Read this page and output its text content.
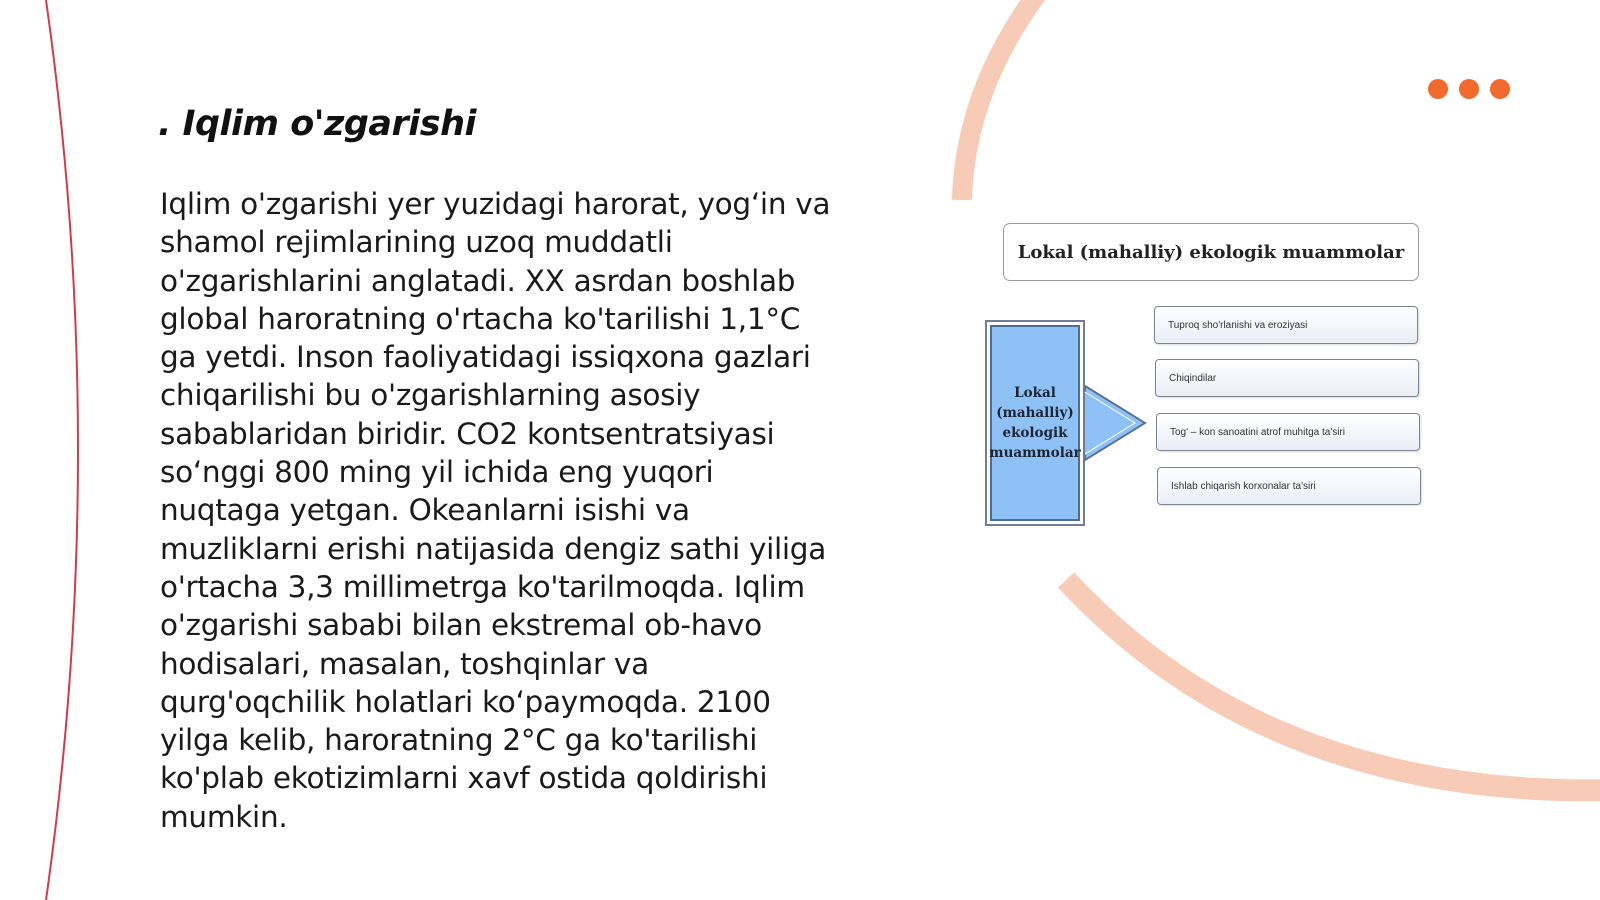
. Iqlim o'zgarishi

Iqlim o'zgarishi yer yuzidagi harorat, yog‘in va shamol rejimlarining uzoq muddatli o'zgarishlarini anglatadi. XX asrdan boshlab global haroratning o'rtacha ko'tarilishi 1,1°C ga yetdi. Inson faoliyatidagi issiqxona gazlari chiqarilishi bu o'zgarishlarning asosiy sabablaridan biridir. CO2 kontsentratsiyasi so‘nggi 800 ming yil ichida eng yuqori nuqtaga yetgan. Okeanlarni isishi va muzliklarni erishi natijasida dengiz sathi yiliga o'rtacha 3,3 millimetrga ko'tarilmoqda. Iqlim o'zgarishi sababi bilan ekstremal ob-havo hodisalari, masalan, toshqinlar va qurg'oqchilik holatlari ko‘paymoqda. 2100 yilga kelib, haroratning 2°C ga ko'tarilishi ko'plab ekotizimlarni xavf ostida qoldirishi mumkin.

Lokal (mahalliy) ekologik muammolar
Lokal (mahalliy) ekologik muammolar
Tuproq sho'rlanishi va eroziyasi
Chiqindilar
Tog' – kon sanoatini atrof muhitga ta'siri
Ishlab chiqarish korxonalar ta'siri
